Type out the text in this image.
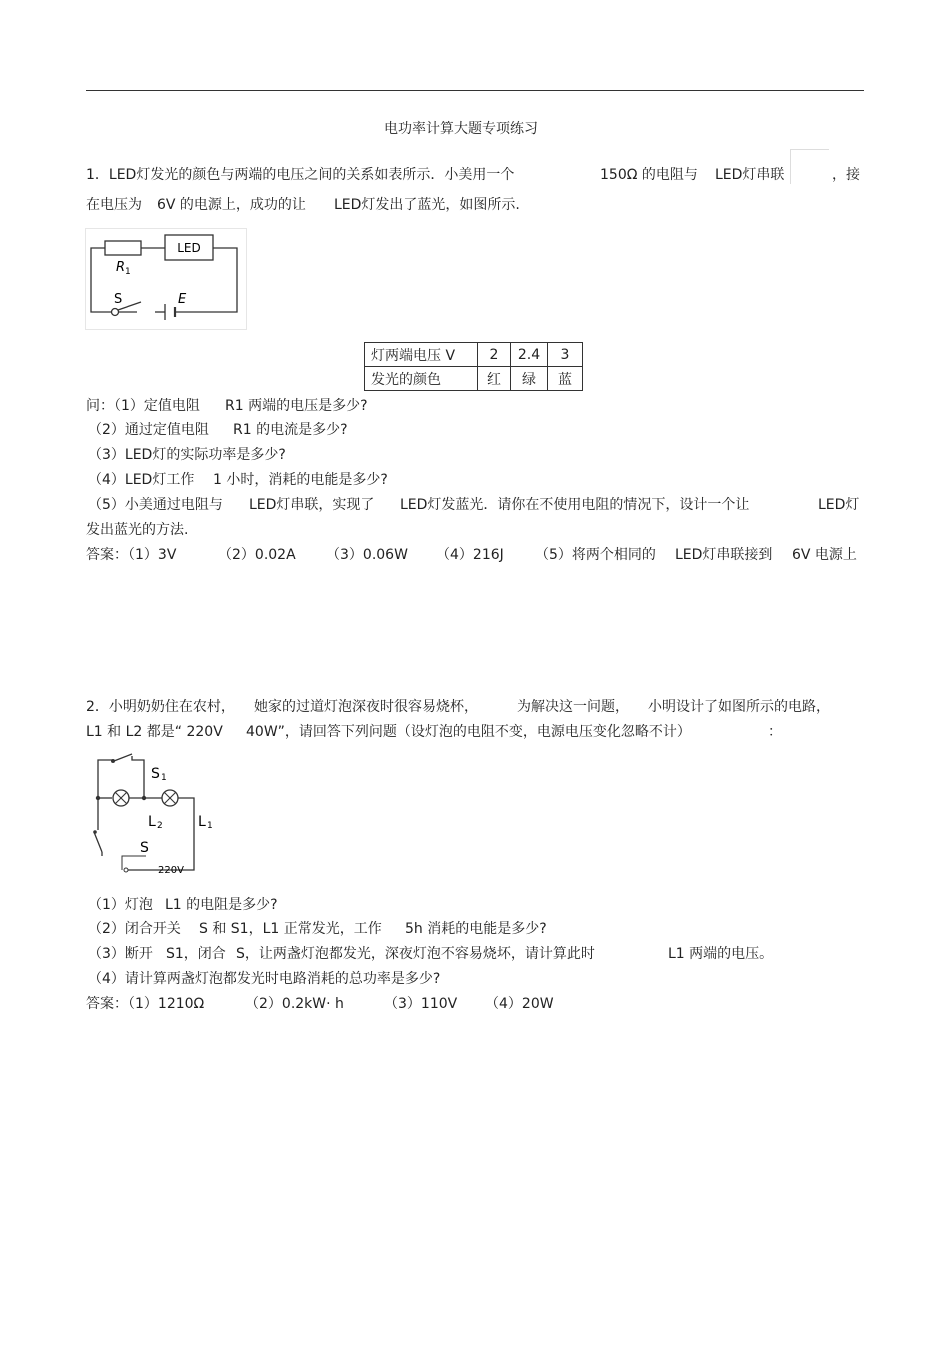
电功率计算大题专项练习
1．LED灯发光的颜色与两端的电压之间的关系如表所示．小美用一个	150Ω 的电阻与 LED灯串联	，接
在电压为 6V 的电源上，成功的让 LED灯发出了蓝光，如图所示.
LED
R 1
S	E
灯两端电压 V	2	2.4	3
发光的颜色	红	绿	蓝
问：（1）定值电阻 R1 两端的电压是多少?
（2）通过定值电阻 R1 的电流是多少?
（3）LED灯的实际功率是多少?
（4）LED灯工作 1 小时，消耗的电能是多少?
（5）小美通过电阻与 LED灯串联，实现了 LED灯发蓝光．请你在不使用电阻的情况下，设计一个让	LED灯
发出蓝光的方法.
答案：（1）3V	（2）0.02A （3）0.06W （4）216J （5）将两个相同的 LED灯串联接到 6V 电源上
2．小明奶奶住在农村， 她家的过道灯泡深夜时很容易烧杯，	为解决这一问题， 小明设计了如图所示的电路，
L1 和 L2 都是“ 220V 40W”，请回答下列问题（设灯泡的电阻不变，电源电压变化忽略不计）	：
S 1
L 2	L 1
S
220V
（1）灯泡 L1 的电阻是多少?
（2）闭合开关 S 和 S1，L1 正常发光，工作 5h 消耗的电能是多少?
（3）断开 S1，闭合 S，让两盏灯泡都发光，深夜灯泡不容易烧坏，请计算此时	L1 两端的电压。
（4）请计算两盏灯泡都发光时电路消耗的总功率是多少?
答案：（1）1210Ω	（2）0.2kW· h	（3）110V （4）20W
